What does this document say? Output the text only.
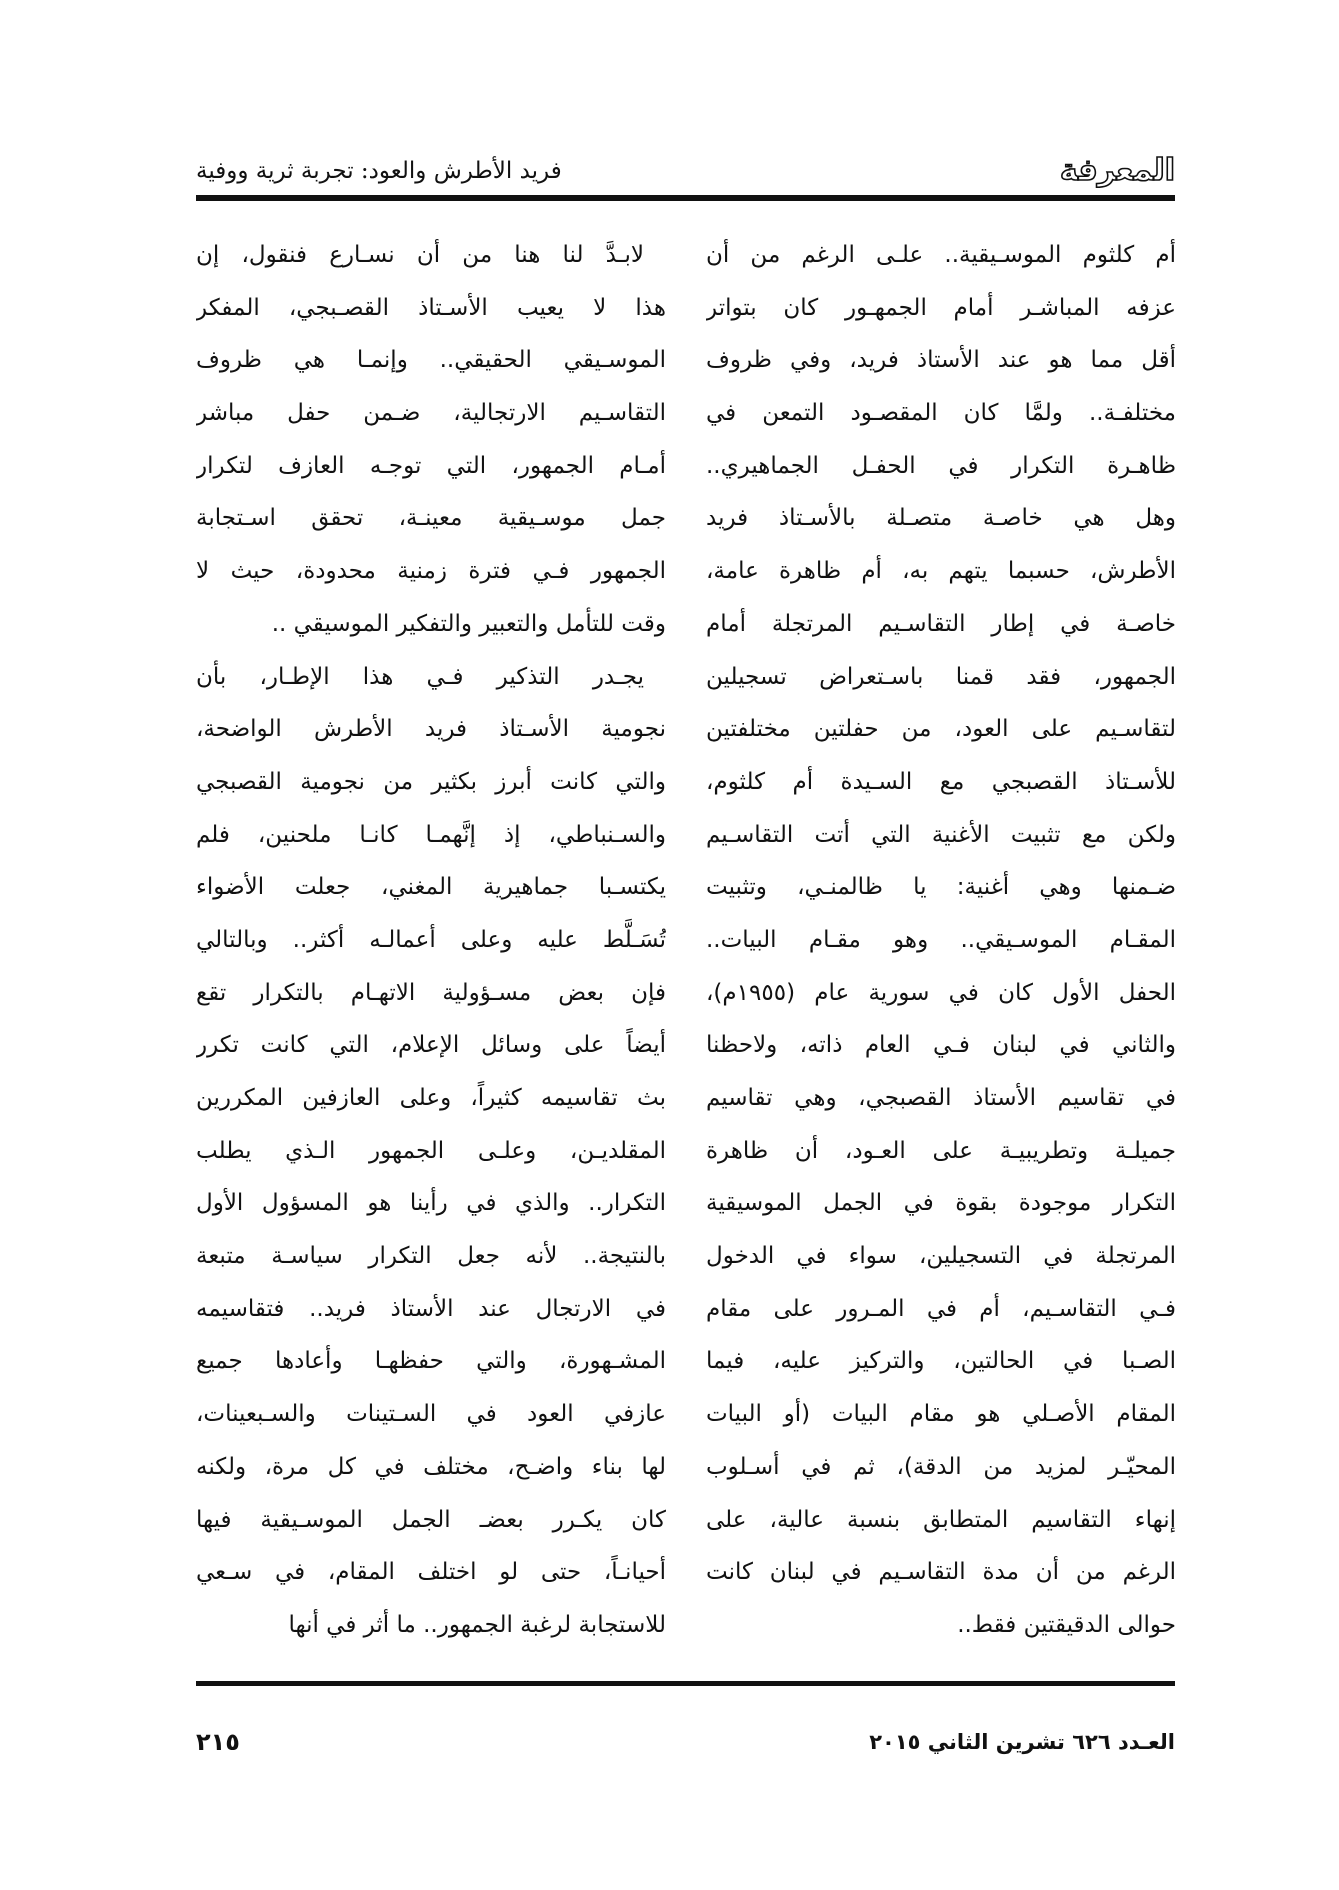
المعرفة
فريد الأطرش والعود: تجربة ثرية ووفية
أم كلثوم الموسـيقية.. علـى الرغم من أن
عزفه المباشـر أمام الجمهـور كان بتواتر
أقل مما هو عند الأستاذ فريد، وفي ظروف
مختلفـة.. ولمَّا كان المقصـود التمعن في
ظاهـرة التكرار في الحفـل الجماهيري..
وهل هي خاصـة متصـلة بالأسـتاذ فريد
الأطرش، حسبما يتهم به، أم ظاهرة عامة،
خاصـة في إطار التقاسـيم المرتجلة أمام
الجمهور، فقد قمنا باسـتعراض تسجيلين
لتقاسـيم على العود، من حفلتين مختلفتين
للأسـتاذ القصبجي مع السـيدة أم كلثوم،
ولكن مع تثبيت الأغنية التي أتت التقاسـيم
ضـمنها وهي أغنية: يا ظالمنـي، وتثبيت
المقـام الموسـيقي.. وهو مقـام البيات..
الحفل الأول كان في سورية عام (١٩٥٥م)،
والثاني في لبنان فـي العام ذاته، ولاحظنا
في تقاسيم الأستاذ القصبجي، وهي تقاسيم
جميلـة وتطريبيـة على العـود، أن ظاهرة
التكرار موجودة بقوة في الجمل الموسيقية
المرتجلة في التسجيلين، سواء في الدخول
فـي التقاسـيم، أم في المـرور على مقام
الصـبا في الحالتين، والتركيز عليه، فيما
المقام الأصـلي هو مقام البيات (أو البيات
المحيّـر لمزيد من الدقة)، ثم في أسـلوب
إنهاء التقاسيم المتطابق بنسبة عالية، على
الرغم من أن مدة التقاسـيم في لبنان كانت
حوالى الدقيقتين فقط..
لابـدَّ لنا هنا من أن نسـارع فنقول، إن
هذا لا يعيب الأسـتاذ القصـبجي، المفكر
الموسـيقي الحقيقي.. وإنمـا هي ظروف
التقاسـيم الارتجالية، ضـمن حفل مباشر
أمـام الجمهور، التي توجـه العازف لتكرار
جمل موسـيقية معينـة، تحقق اسـتجابة
الجمهور فـي فترة زمنية محدودة، حيث لا
وقت للتأمل والتعبير والتفكير الموسيقي ..
يجـدر التذكير فـي هذا الإطـار، بأن
نجومية الأسـتاذ فريد الأطرش الواضحة،
والتي كانت أبرز بكثير من نجومية القصبجي
والسـنباطي، إذ إنَّهمـا كانـا ملحنين، فلم
يكتسـبا جماهيرية المغني، جعلت الأضواء
تُسَـلَّط عليه وعلى أعمالـه أكثر.. وبالتالي
فإن بعض مسـؤولية الاتهـام بالتكرار تقع
أيضاً على وسائل الإعلام، التي كانت تكرر
بث تقاسيمه كثيراً، وعلى العازفين المكررين
المقلديـن، وعلـى الجمهور الـذي يطلب
التكرار.. والذي في رأينا هو المسؤول الأول
بالنتيجة.. لأنه جعل التكرار سياسـة متبعة
في الارتجال عند الأستاذ فريد.. فتقاسيمه
المشـهورة، والتي حفظهـا وأعادها جميع
عازفي العود في السـتينات والسـبعينات،
لها بناء واضـح، مختلف في كل مرة، ولكنه
كان يكـرر بعضـ الجمل الموسـيقية فيها
أحيانـاً، حتى لو اختلف المقام، في سـعي
للاستجابة لرغبة الجمهور.. ما أثر في أنها
العـدد ٦٢٦ تشرين الثاني ٢٠١٥
٢١٥
